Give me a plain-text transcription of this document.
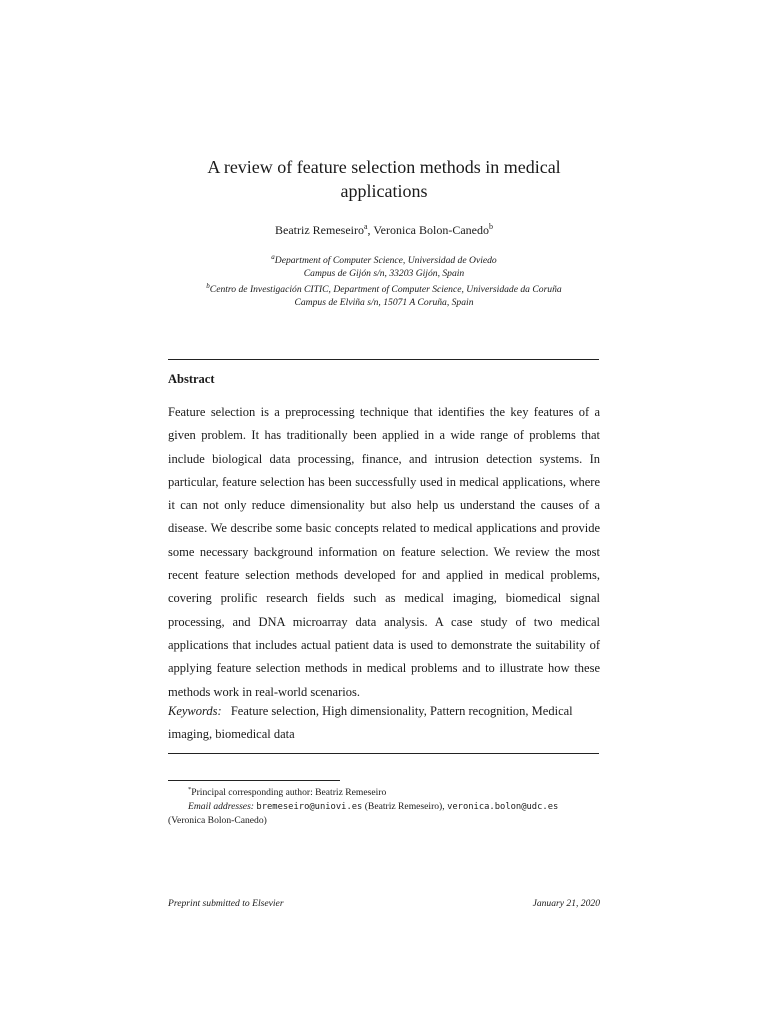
A review of feature selection methods in medical applications
Beatriz Remeseiro$^a$, Veronica Bolon-Canedo$^b$
$^a$Department of Computer Science, Universidad de Oviedo
Campus de Gijón s/n, 33203 Gijón, Spain
$^b$Centro de Investigación CITIC, Department of Computer Science, Universidade da Coruña
Campus de Elviña s/n, 15071 A Coruña, Spain
Abstract
Feature selection is a preprocessing technique that identifies the key features of a given problem. It has traditionally been applied in a wide range of problems that include biological data processing, finance, and intrusion detection systems. In particular, feature selection has been successfully used in medical applications, where it can not only reduce dimensionality but also help us understand the causes of a disease. We describe some basic concepts related to medical applications and provide some necessary background information on feature selection. We review the most recent feature selection methods developed for and applied in medical problems, covering prolific research fields such as medical imaging, biomedical signal processing, and DNA microarray data analysis. A case study of two medical applications that includes actual patient data is used to demonstrate the suitability of applying feature selection methods in medical problems and to illustrate how these methods work in real-world scenarios.
Keywords: Feature selection, High dimensionality, Pattern recognition, Medical imaging, biomedical data
*Principal corresponding author: Beatriz Remeseiro
Email addresses: bremeseiro@uniovi.es (Beatriz Remeseiro), veronica.bolon@udc.es
(Veronica Bolon-Canedo)
Preprint submitted to Elsevier	January 21, 2020
